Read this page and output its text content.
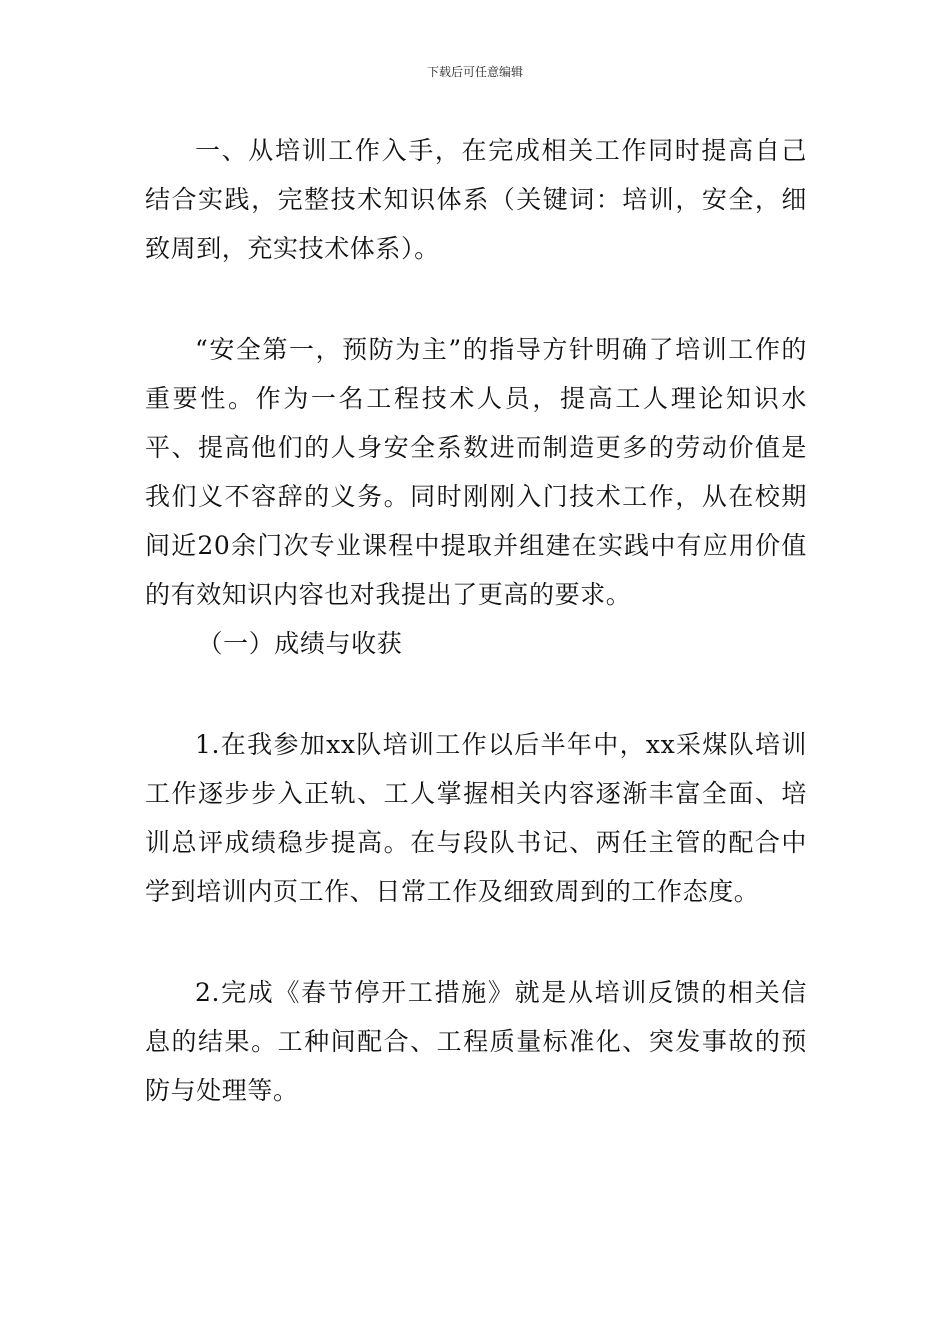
下载后可任意编辑

一、从培训工作入手，在完成相关工作同时提高自己结合实践，完整技术知识体系（关键词：培训，安全，细致周到，充实技术体系）。

“安全第一，预防为主”的指导方针明确了培训工作的重要性。作为一名工程技术人员，提高工人理论知识水平、提高他们的人身安全系数进而制造更多的劳动价值是我们义不容辞的义务。同时刚刚入门技术工作，从在校期间近20余门次专业课程中提取并组建在实践中有应用价值的有效知识内容也对我提出了更高的要求。

（一）成绩与收获

1.在我参加xx队培训工作以后半年中，xx采煤队培训工作逐步步入正轨、工人掌握相关内容逐渐丰富全面、培训总评成绩稳步提高。在与段队书记、两任主管的配合中学到培训内页工作、日常工作及细致周到的工作态度。

2.完成《春节停开工措施》就是从培训反馈的相关信息的结果。工种间配合、工程质量标准化、突发事故的预防与处理等。
